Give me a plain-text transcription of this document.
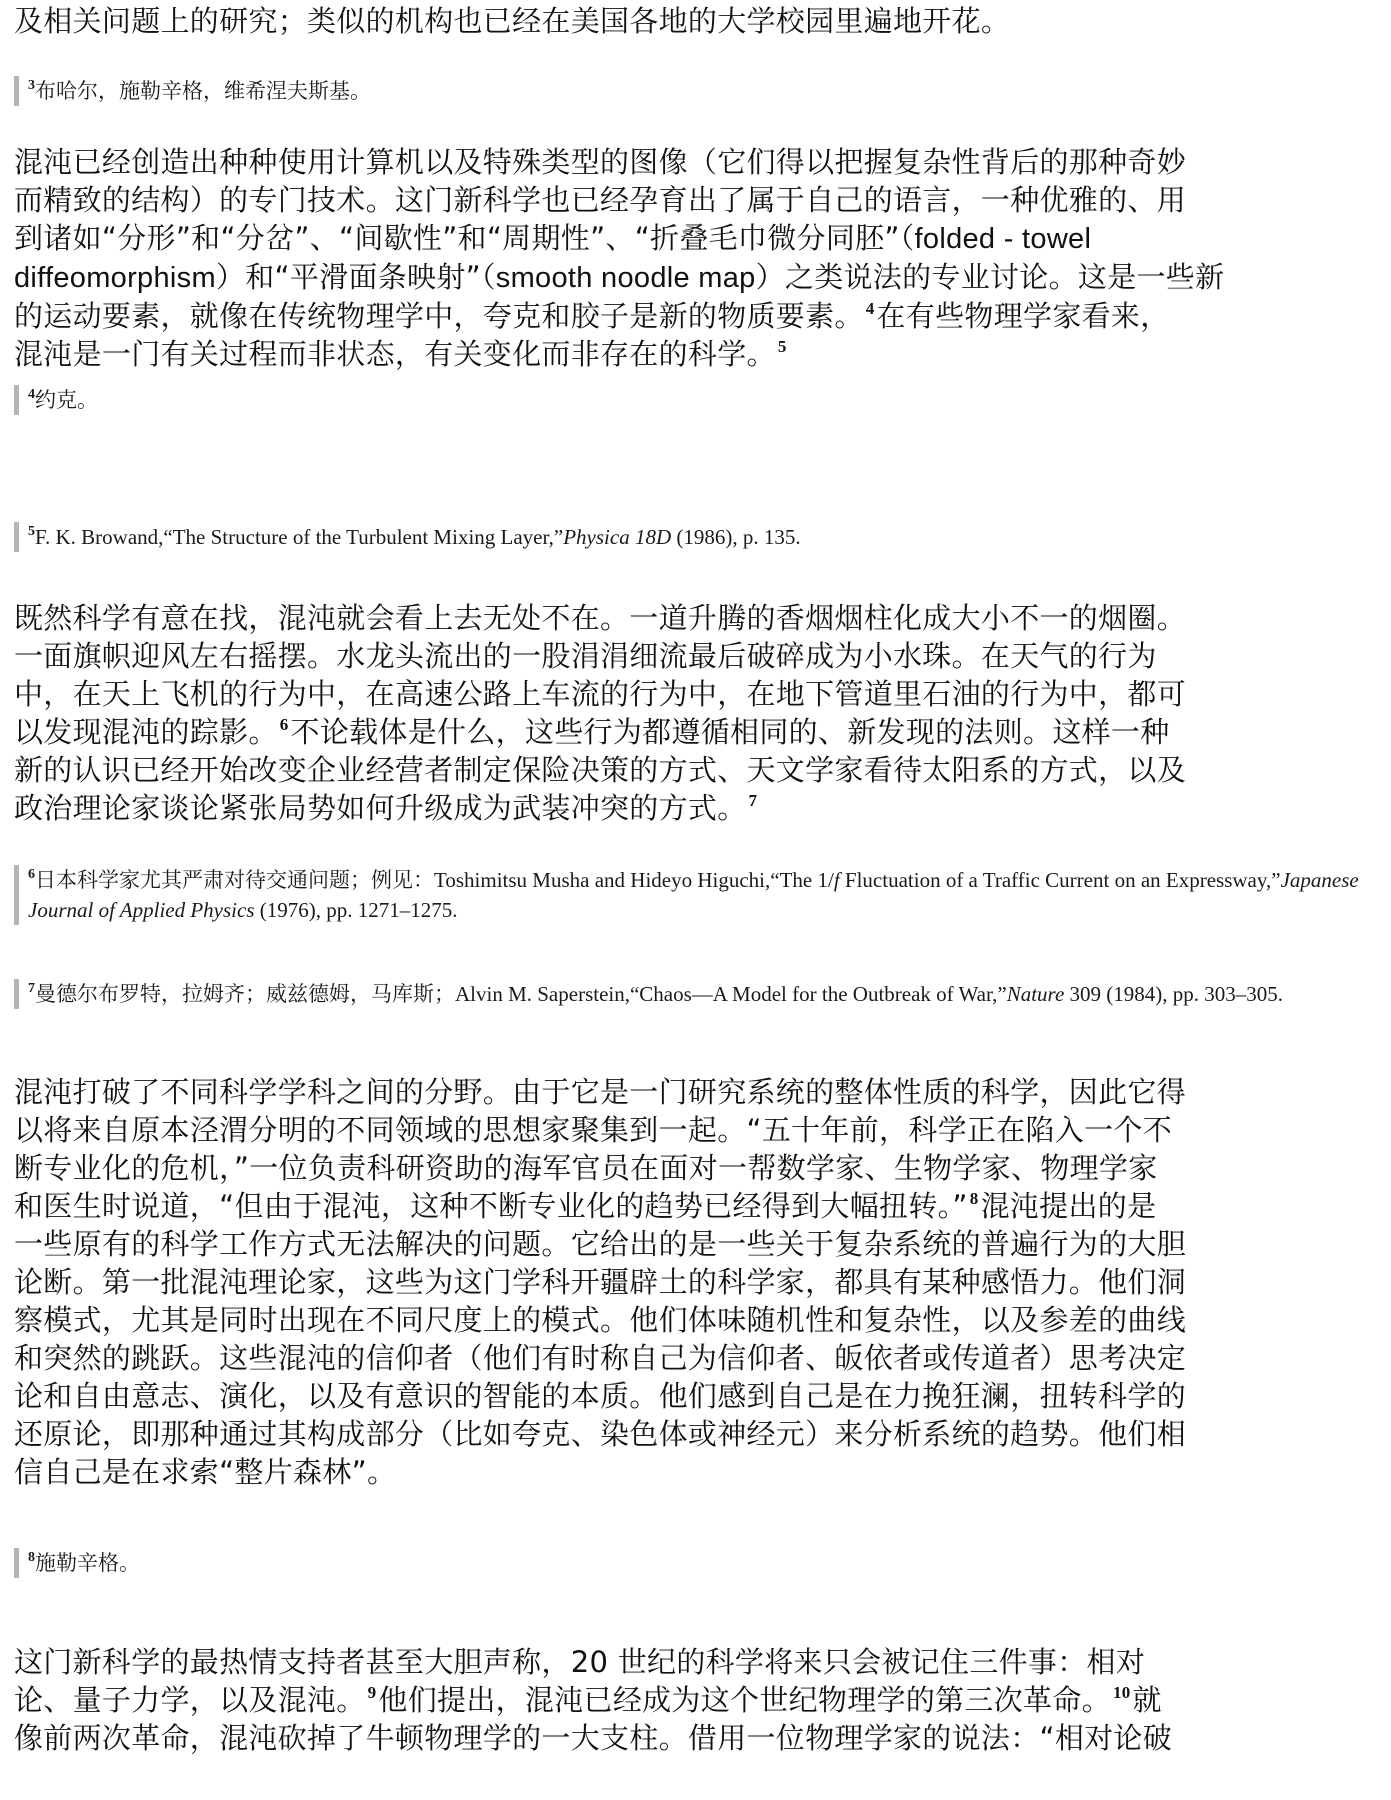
及相关问题上的研究；类似的机构也已经在美国各地的大学校园里遍地开花。
$^3$布哈尔，施勒辛格，维希涅夫斯基。
混沌已经创造出种种使用计算机以及特殊类型的图像（它们得以把握复杂性背后的那种奇妙
而精致的结构）的专门技术。这门新科学也已经孕育出了属于自己的语言，一种优雅的、用
到诸如“分形”和“分岔”、“间歇性”和“周期性”、“折叠毛巾微分同胚”（folded - towel
diffeomorphism）和“平滑面条映射”（smooth noodle map）之类说法的专业讨论。这是一些新
的运动要素，就像在传统物理学中，夸克和胶子是新的物质要素。 $^4$在有些物理学家看来，
混沌是一门有关过程而非状态，有关变化而非存在的科学。 $^5$
$^4$约克。
$^5$F. K. Browand,“The Structure of the Turbulent Mixing Layer,”Physica 18D (1986), p. 135.
既然科学有意在找，混沌就会看上去无处不在。一道升腾的香烟烟柱化成大小不一的烟圈。
一面旗帜迎风左右摇摆。水龙头流出的一股涓涓细流最后破碎成为小水珠。在天气的行为
中，在天上飞机的行为中，在高速公路上车流的行为中，在地下管道里石油的行为中，都可
以发现混沌的踪影。 $^6$不论载体是什么，这些行为都遵循相同的、新发现的法则。这样一种
新的认识已经开始改变企业经营者制定保险决策的方式、天文学家看待太阳系的方式，以及
政治理论家谈论紧张局势如何升级成为武装冲突的方式。 $^7$
$^6$日本科学家尤其严肃对待交通问题；例见：Toshimitsu Musha and Hideyo Higuchi,“The 1/f Fluctuation of a Traffic Current on an Expressway,”Japanese Journal of Applied Physics (1976), pp. 1271–1275.
$^7$曼德尔布罗特，拉姆齐；威兹德姆，马库斯；Alvin M. Saperstein,“Chaos—A Model for the Outbreak of War,”Nature 309 (1984), pp. 303–305.
混沌打破了不同科学学科之间的分野。由于它是一门研究系统的整体性质的科学，因此它得
以将来自原本泾渭分明的不同领域的思想家聚集到一起。“五十年前，科学正在陷入一个不
断专业化的危机，”一位负责科研资助的海军官员在面对一帮数学家、生物学家、物理学家
和医生时说道，“但由于混沌，这种不断专业化的趋势已经得到大幅扭转。” $^8$混沌提出的是
一些原有的科学工作方式无法解决的问题。它给出的是一些关于复杂系统的普遍行为的大胆
论断。第一批混沌理论家，这些为这门学科开疆辟土的科学家，都具有某种感悟力。他们洞
察模式，尤其是同时出现在不同尺度上的模式。他们体味随机性和复杂性，以及参差的曲线
和突然的跳跃。这些混沌的信仰者（他们有时称自己为信仰者、皈依者或传道者）思考决定
论和自由意志、演化，以及有意识的智能的本质。他们感到自己是在力挽狂澜，扭转科学的
还原论，即那种通过其构成部分（比如夸克、染色体或神经元）来分析系统的趋势。他们相
信自己是在求索“整片森林”。
$^8$施勒辛格。
这门新科学的最热情支持者甚至大胆声称，20 世纪的科学将来只会被记住三件事：相对
论、量子力学，以及混沌。 $^9$他们提出，混沌已经成为这个世纪物理学的第三次革命。 $^{10}$就
像前两次革命，混沌砍掉了牛顿物理学的一大支柱。借用一位物理学家的说法：“相对论破
